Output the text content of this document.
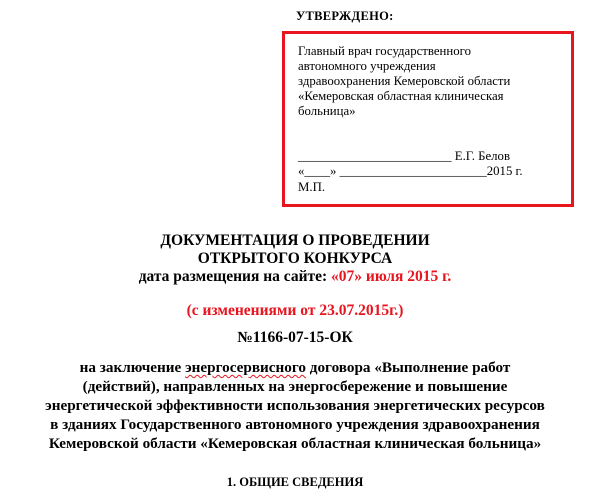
УТВЕРЖДЕНО:
Главный врач государственного
автономного учреждения
здравоохранения Кемеровской области
«Кемеровская областная клиническая
больница»
________________________ Е.Г. Белов
«____» _______________________2015 г.
М.П.
ДОКУМЕНТАЦИЯ О ПРОВЕДЕНИИ
ОТКРЫТОГО КОНКУРСА
дата размещения на сайте: «07» июля 2015 г.
(с изменениями от 23.07.2015г.)
№1166-07-15-ОК
на заключение энергосервисного договора «Выполнение работ
(действий), направленных на энергосбережение и повышение
энергетической эффективности использования энергетических ресурсов
в зданиях Государственного автономного учреждения здравоохранения
Кемеровской области «Кемеровская областная клиническая больница»
1. ОБЩИЕ СВЕДЕНИЯ
